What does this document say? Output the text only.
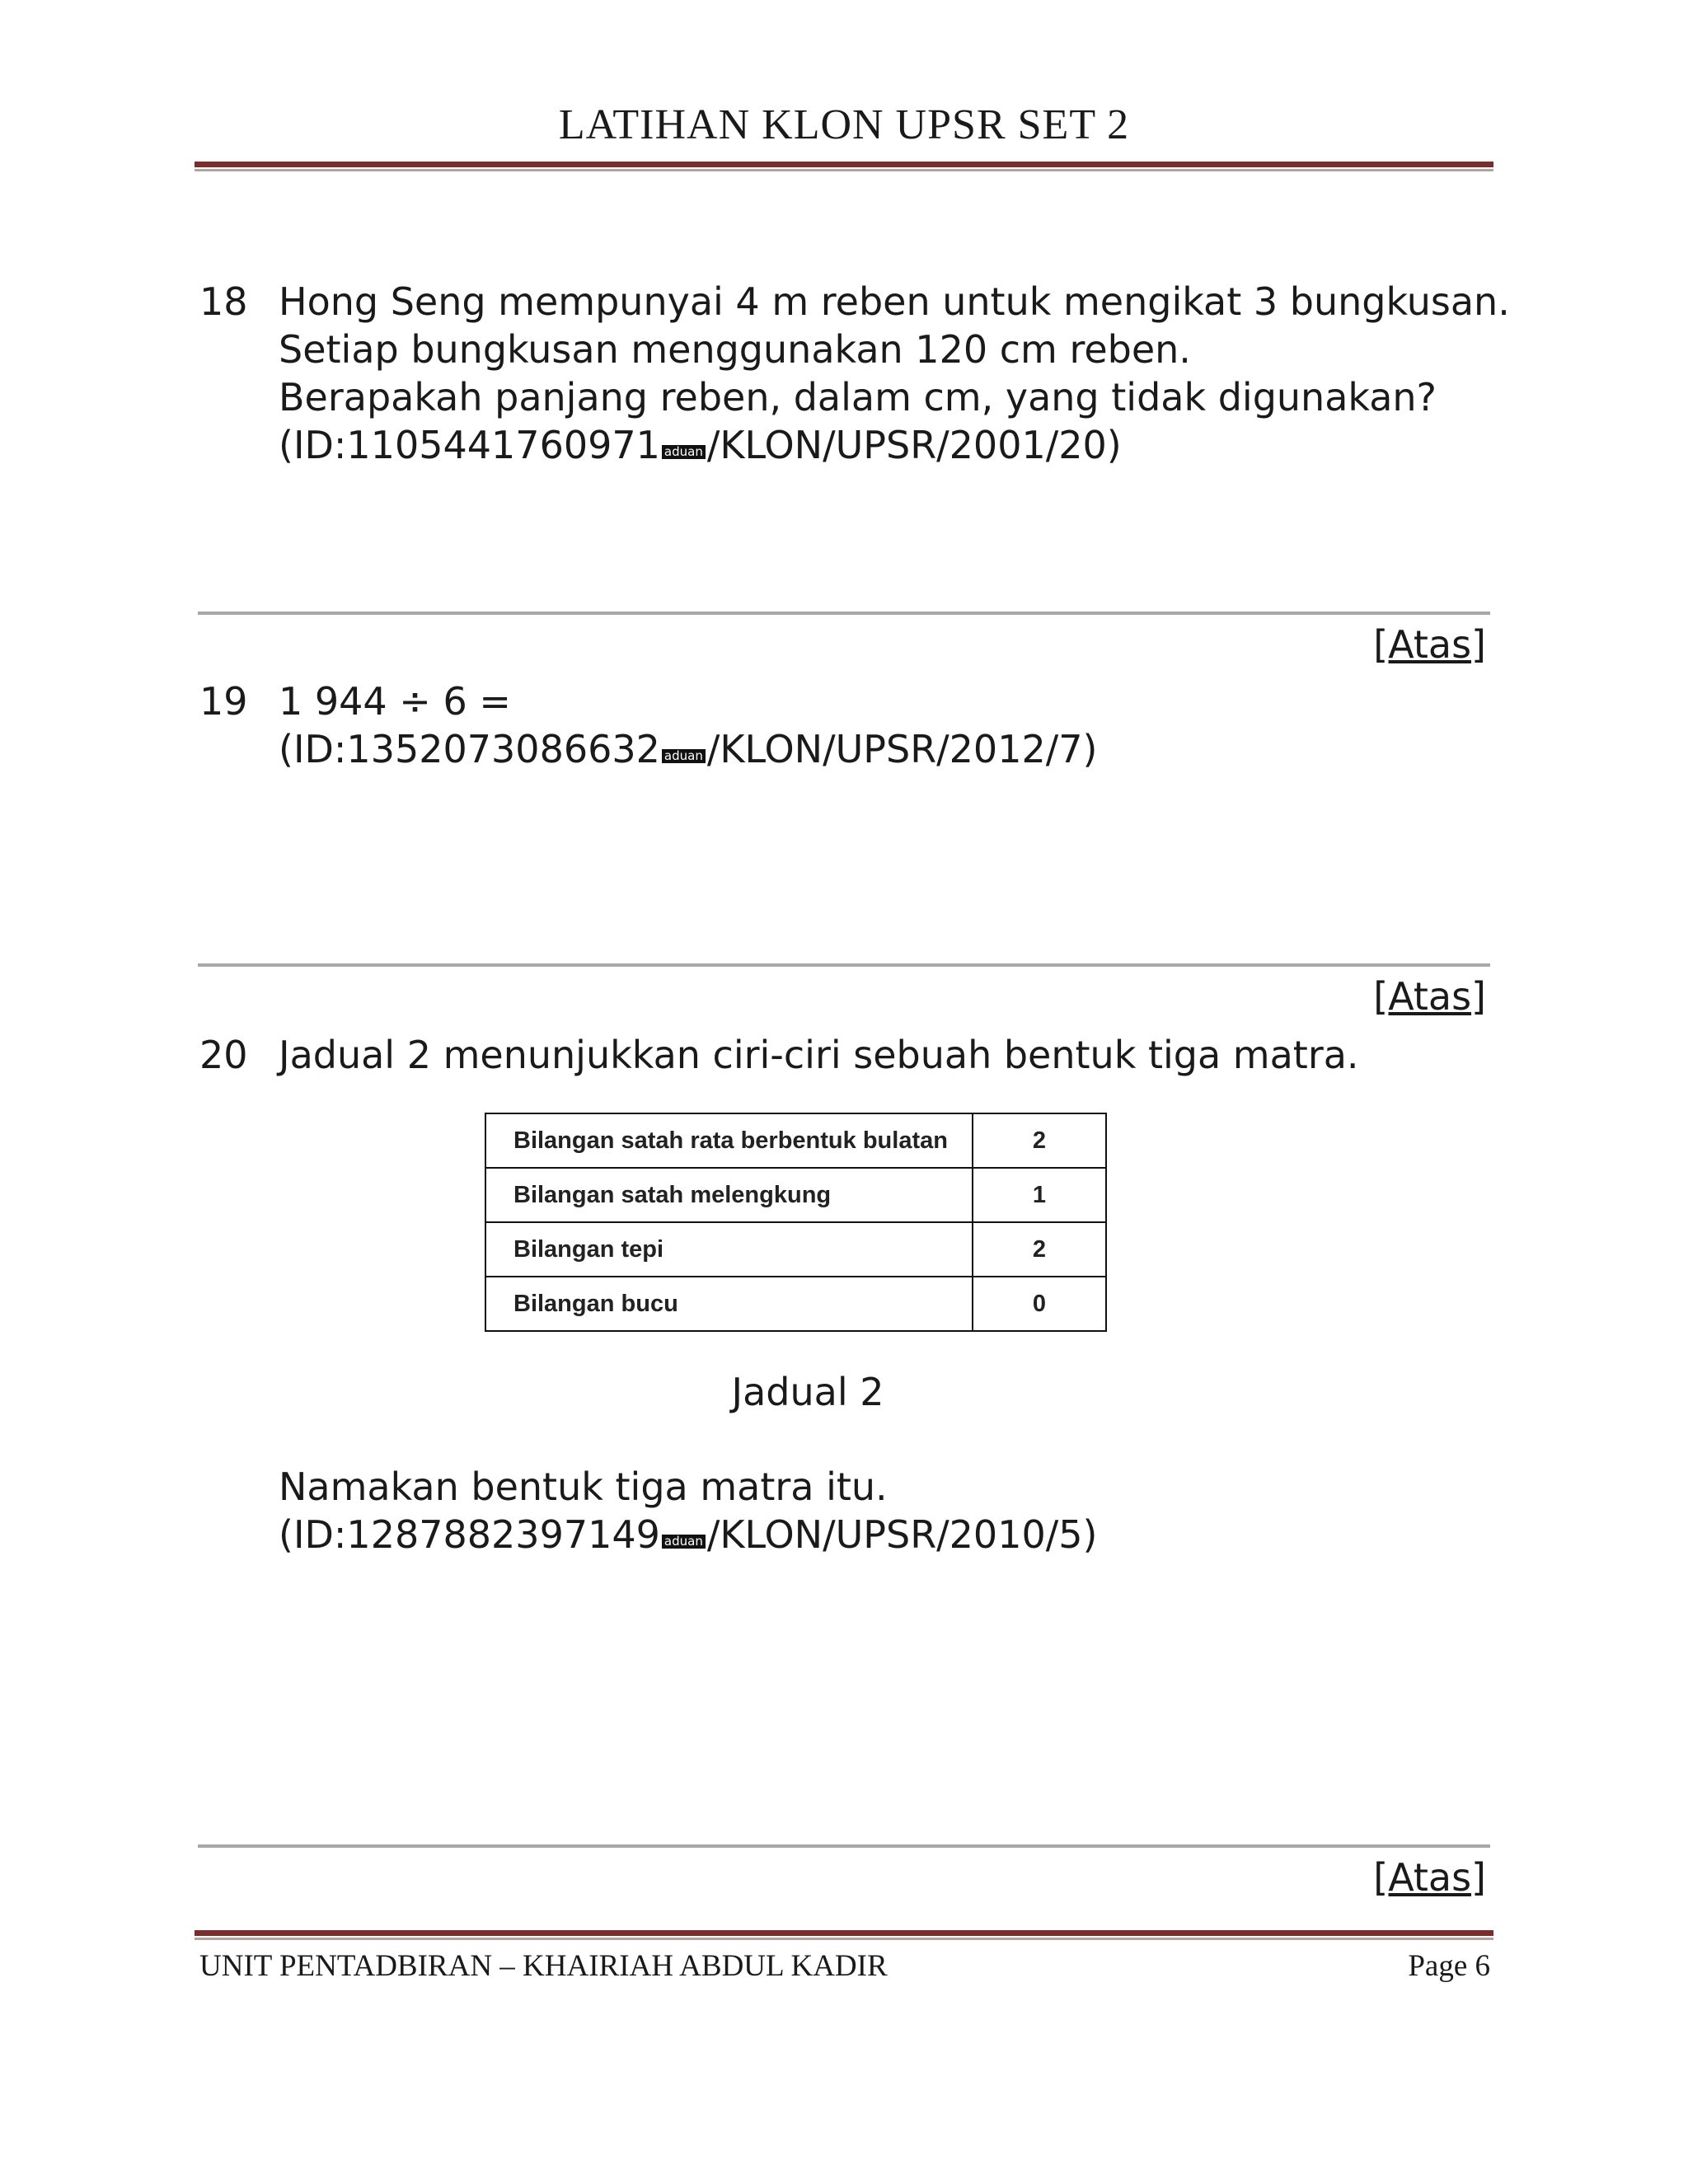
LATIHAN KLON UPSR SET 2
18 Hong Seng mempunyai 4 m reben untuk mengikat 3 bungkusan.
Setiap bungkusan menggunakan 120 cm reben.
Berapakah panjang reben, dalam cm, yang tidak digunakan?
(ID:1105441760971 aduan /KLON/UPSR/2001/20)
[Atas]
19 1 944 ÷ 6 =
(ID:1352073086632 aduan /KLON/UPSR/2012/7)
[Atas]
20 Jadual 2 menunjukkan ciri-ciri sebuah bentuk tiga matra.
Bilangan satah rata berbentuk bulatan	2
Bilangan satah melengkung	1
Bilangan tepi	2
Bilangan bucu	0
Jadual 2
Namakan bentuk tiga matra itu.
(ID:1287882397149 aduan /KLON/UPSR/2010/5)
[Atas]
UNIT PENTADBIRAN – KHAIRIAH ABDUL KADIR	Page 6
